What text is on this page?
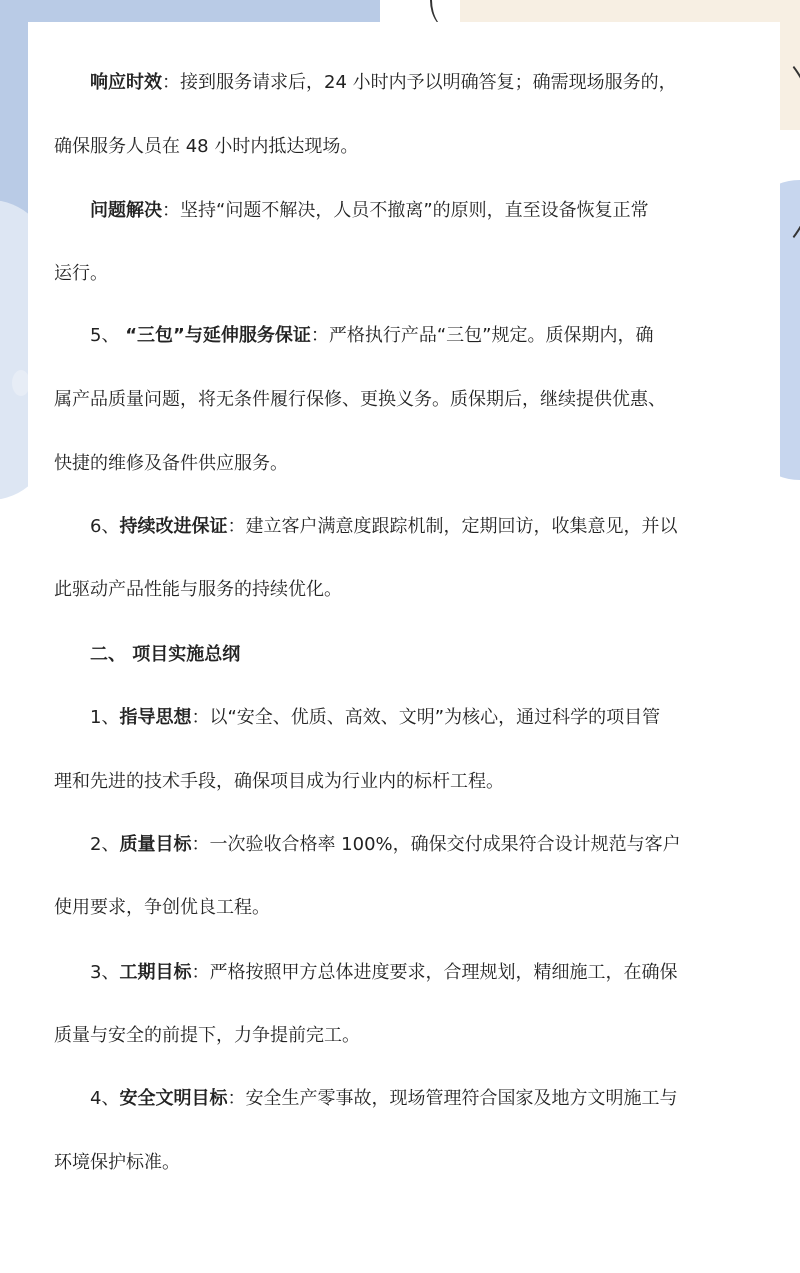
响应时效：接到服务请求后，24 小时内予以明确答复；确需现场服务的，
确保服务人员在 48 小时内抵达现场。
问题解决：坚持“问题不解决，人员不撤离”的原则，直至设备恢复正常
运行。
5、 “三包”与延伸服务保证：严格执行产品“三包”规定。质保期内，确
属产品质量问题，将无条件履行保修、更换义务。质保期后，继续提供优惠、
快捷的维修及备件供应服务。
6、持续改进保证：建立客户满意度跟踪机制，定期回访，收集意见，并以
此驱动产品性能与服务的持续优化。
二、 项目实施总纲
1、指导思想：以“安全、优质、高效、文明”为核心，通过科学的项目管
理和先进的技术手段，确保项目成为行业内的标杆工程。
2、质量目标：一次验收合格率 100%，确保交付成果符合设计规范与客户
使用要求，争创优良工程。
3、工期目标：严格按照甲方总体进度要求，合理规划，精细施工，在确保
质量与安全的前提下，力争提前完工。
4、安全文明目标：安全生产零事故，现场管理符合国家及地方文明施工与
环境保护标准。
